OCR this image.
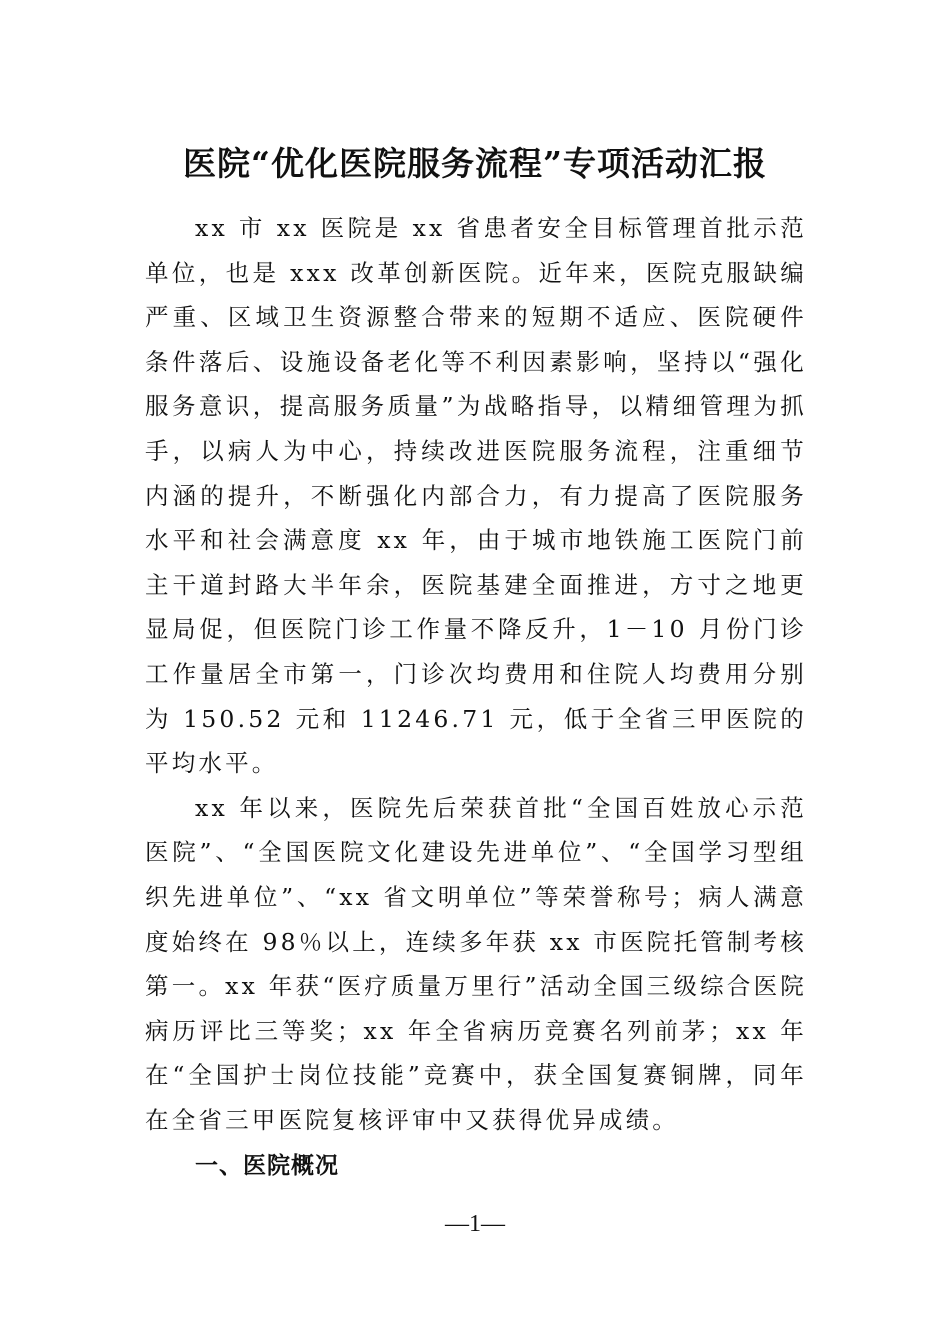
医院“优化医院服务流程”专项活动汇报

xx 市 xx 医院是 xx 省患者安全目标管理首批示范单位，也是 xxx 改革创新医院。近年来，医院克服缺编严重、区域卫生资源整合带来的短期不适应、医院硬件条件落后、设施设备老化等不利因素影响，坚持以“强化服务意识，提高服务质量”为战略指导，以精细管理为抓手，以病人为中心，持续改进医院服务流程，注重细节内涵的提升，不断强化内部合力，有力提高了医院服务水平和社会满意度 xx 年，由于城市地铁施工医院门前主干道封路大半年余，医院基建全面推进，方寸之地更显局促，但医院门诊工作量不降反升，1－10 月份门诊工作量居全市第一，门诊次均费用和住院人均费用分别为 150.52 元和 11246.71 元，低于全省三甲医院的平均水平。

xx 年以来，医院先后荣获首批“全国百姓放心示范医院”、“全国医院文化建设先进单位”、“全国学习型组织先进单位”、“xx 省文明单位”等荣誉称号；病人满意度始终在 98％以上，连续多年获 xx 市医院托管制考核第一。xx 年获“医疗质量万里行”活动全国三级综合医院病历评比三等奖；xx 年全省病历竞赛名列前茅；xx 年在“全国护士岗位技能”竞赛中，获全国复赛铜牌，同年在全省三甲医院复核评审中又获得优异成绩。

一、医院概况
—1—
